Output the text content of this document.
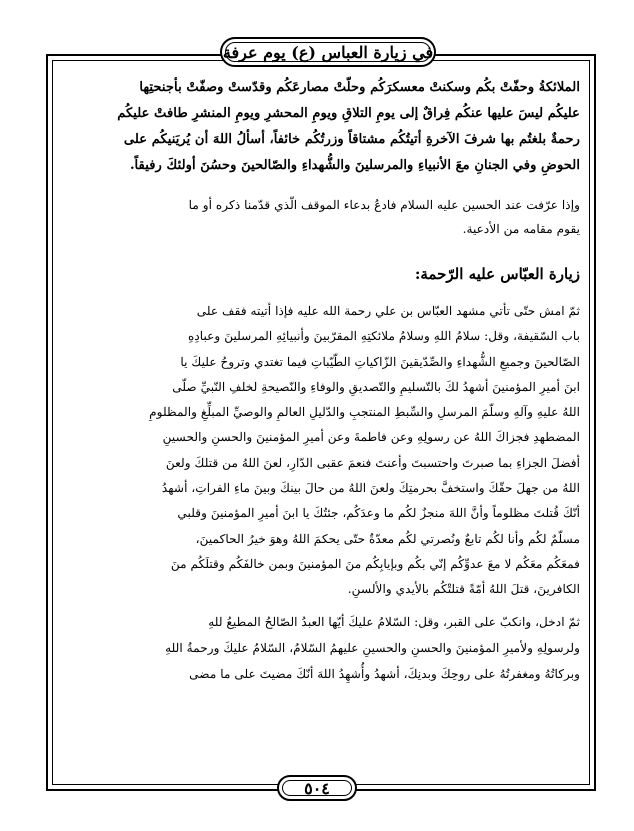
في زيارة العباس (ع) يوم عرفة
الملائكةُ وحفّتْ بكُم وسكنتْ معسكرَكُم وحلّتْ مصارعَكُم وقدّستْ وصفّتْ بأجنحتِها
عليكُم ليسَ عليها عنكُم فِراقٌ إلى يومِ التلاقِ ويومِ المحشرِ ويومِ المنشرِ طافتْ عليكُم
رحمةٌ بلغتُم بها شرفَ الآخرةِ أتيتُكُم مشتاقاً وزرتُكُم خائفاً، أسألُ اللهَ أن يُريَنيكُم على
الحوضِ وفي الجنانِ معَ الأنبياءِ والمرسلينَ والشُّهداءِ والصّالحينَ وحسُنَ أولئكَ رفيقاً.
وإذا عرّفت عند الحسين عليه السلام فادعُ بدعاء الموقف الّذي قدّمنا ذكره أو ما
يقوم مقامه من الأدعية.
زيارة العبّاس عليه الرّحمة:
ثمّ امش حتّى تأتي مشهد العبّاس بن علي رحمة الله عليه فإذا أتيته فقف على
باب السّقيفة، وقل: سلامُ اللهِ وسلامُ ملائكتِهِ المقرّبينَ وأنبيائِهِ المرسلينَ وعبادِهِ
الصّالحينَ وجميعِ الشُّهداءِ والصِّدّيقينَ الزّاكياتِ الطّيّباتِ فيما تغتدي وتروحُ عليكَ يا
ابنَ أميرِ المؤمنينَ أشهدُ لكَ بالتّسليمِ والتّصديقِ والوفاءِ والنّصيحةِ لخلفِ النّبيِّ صلّى
اللهُ عليهِ وآلهِ وسلّمَ المرسلِ والسِّبطِ المنتجبِ والدّليلِ العالمِ والوصيِّ المبلِّغِ والمظلومِ
المضطهدِ فجزاكَ اللهُ عن رسولِهِ وعن فاطمةَ وعن أميرِ المؤمنينَ والحسنِ والحسينِ
أفضلَ الجزاءِ بما صبرتَ واحتسبتَ وأعنتَ فنعمَ عقبى الدّارِ، لعنَ اللهُ من قتلكَ ولعنَ
اللهُ من جهلَ حقّكَ واستخفَّ بحرمتِكَ ولعنَ اللهُ من حالَ بينكَ وبينَ ماءِ الفراتِ، أشهدُ
أنّكَ قُتلتَ مظلوماً وأنَّ اللهَ منجزٌ لكُم ما وعدَكُم، جئتُكَ يا ابنَ أميرِ المؤمنينَ وقلبي
مسلّمٌ لكُم وأنا لكُم تابعٌ ونُصرتي لكُم معدّةٌ حتّى يحكمَ اللهُ وهوَ خيرُ الحاكمينَ،
فمعَكُم معَكُم لا معَ عدوِّكُم إنّي بكُم وبإيابِكُم منَ المؤمنينَ وبمن خالفَكُم وقتلَكُم منَ
الكافرينَ، قتلَ اللهُ أمّةً قتلتْكُم بالأيدي والألسنِ.
ثمّ ادخل، وانكبّ على القبر، وقل: السّلامُ عليكَ أيّها العبدُ الصّالحُ المطيعُ للهِ
ولرسولِهِ ولأميرِ المؤمنينَ والحسنِ والحسينِ عليهمُ السّلامُ، السّلامُ عليكَ ورحمةُ اللهِ
وبركاتُهُ ومغفرتُهُ على روحِكَ وبدنِكَ، أشهدُ وأُشهِدُ اللهَ أنّكَ مضيتَ على ما مضى
٥٠٤
